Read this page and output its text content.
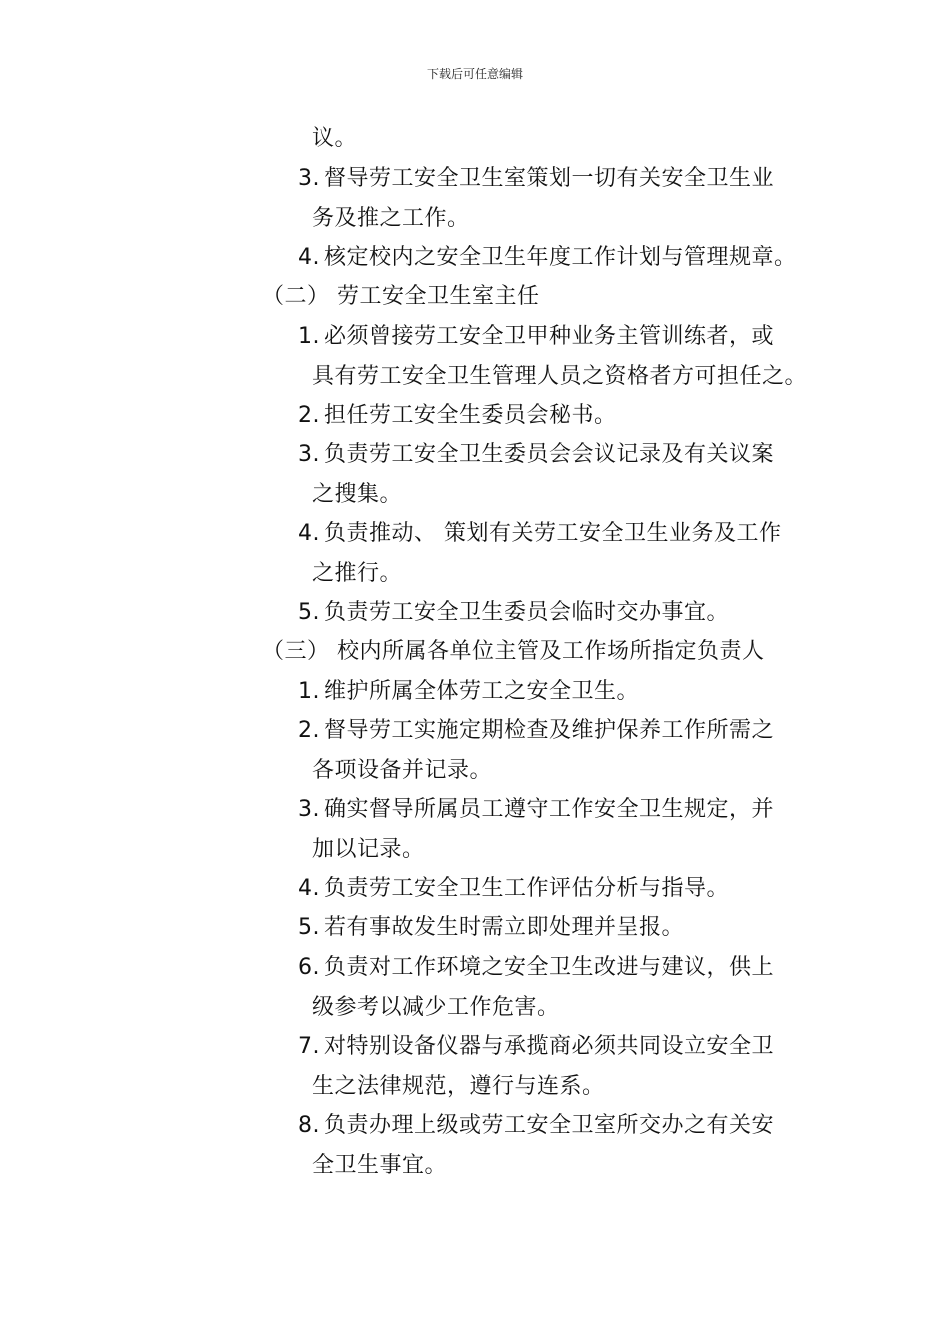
下载后可任意编辑
议。
3. 督导劳工安全卫生室策划一切有关安全卫生业
务及推之工作。
4. 核定校内之安全卫生年度工作计划与管理规章。
（二） 劳工安全卫生室主任
1. 必须曾接劳工安全卫甲种业务主管训练者，或
具有劳工安全卫生管理人员之资格者方可担任之。
2. 担任劳工安全生委员会秘书。
3. 负责劳工安全卫生委员会会议记录及有关议案
之搜集。
4. 负责推动、 策划有关劳工安全卫生业务及工作
之推行。
5. 负责劳工安全卫生委员会临时交办事宜。
（三） 校内所属各单位主管及工作场所指定负责人
1. 维护所属全体劳工之安全卫生。
2. 督导劳工实施定期检查及维护保养工作所需之
各项设备并记录。
3. 确实督导所属员工遵守工作安全卫生规定，并
加以记录。
4. 负责劳工安全卫生工作评估分析与指导。
5. 若有事故发生时需立即处理并呈报。
6. 负责对工作环境之安全卫生改进与建议，供上
级参考以减少工作危害。
7. 对特别设备仪器与承揽商必须共同设立安全卫
生之法律规范，遵行与连系。
8. 负责办理上级或劳工安全卫室所交办之有关安
全卫生事宜。
